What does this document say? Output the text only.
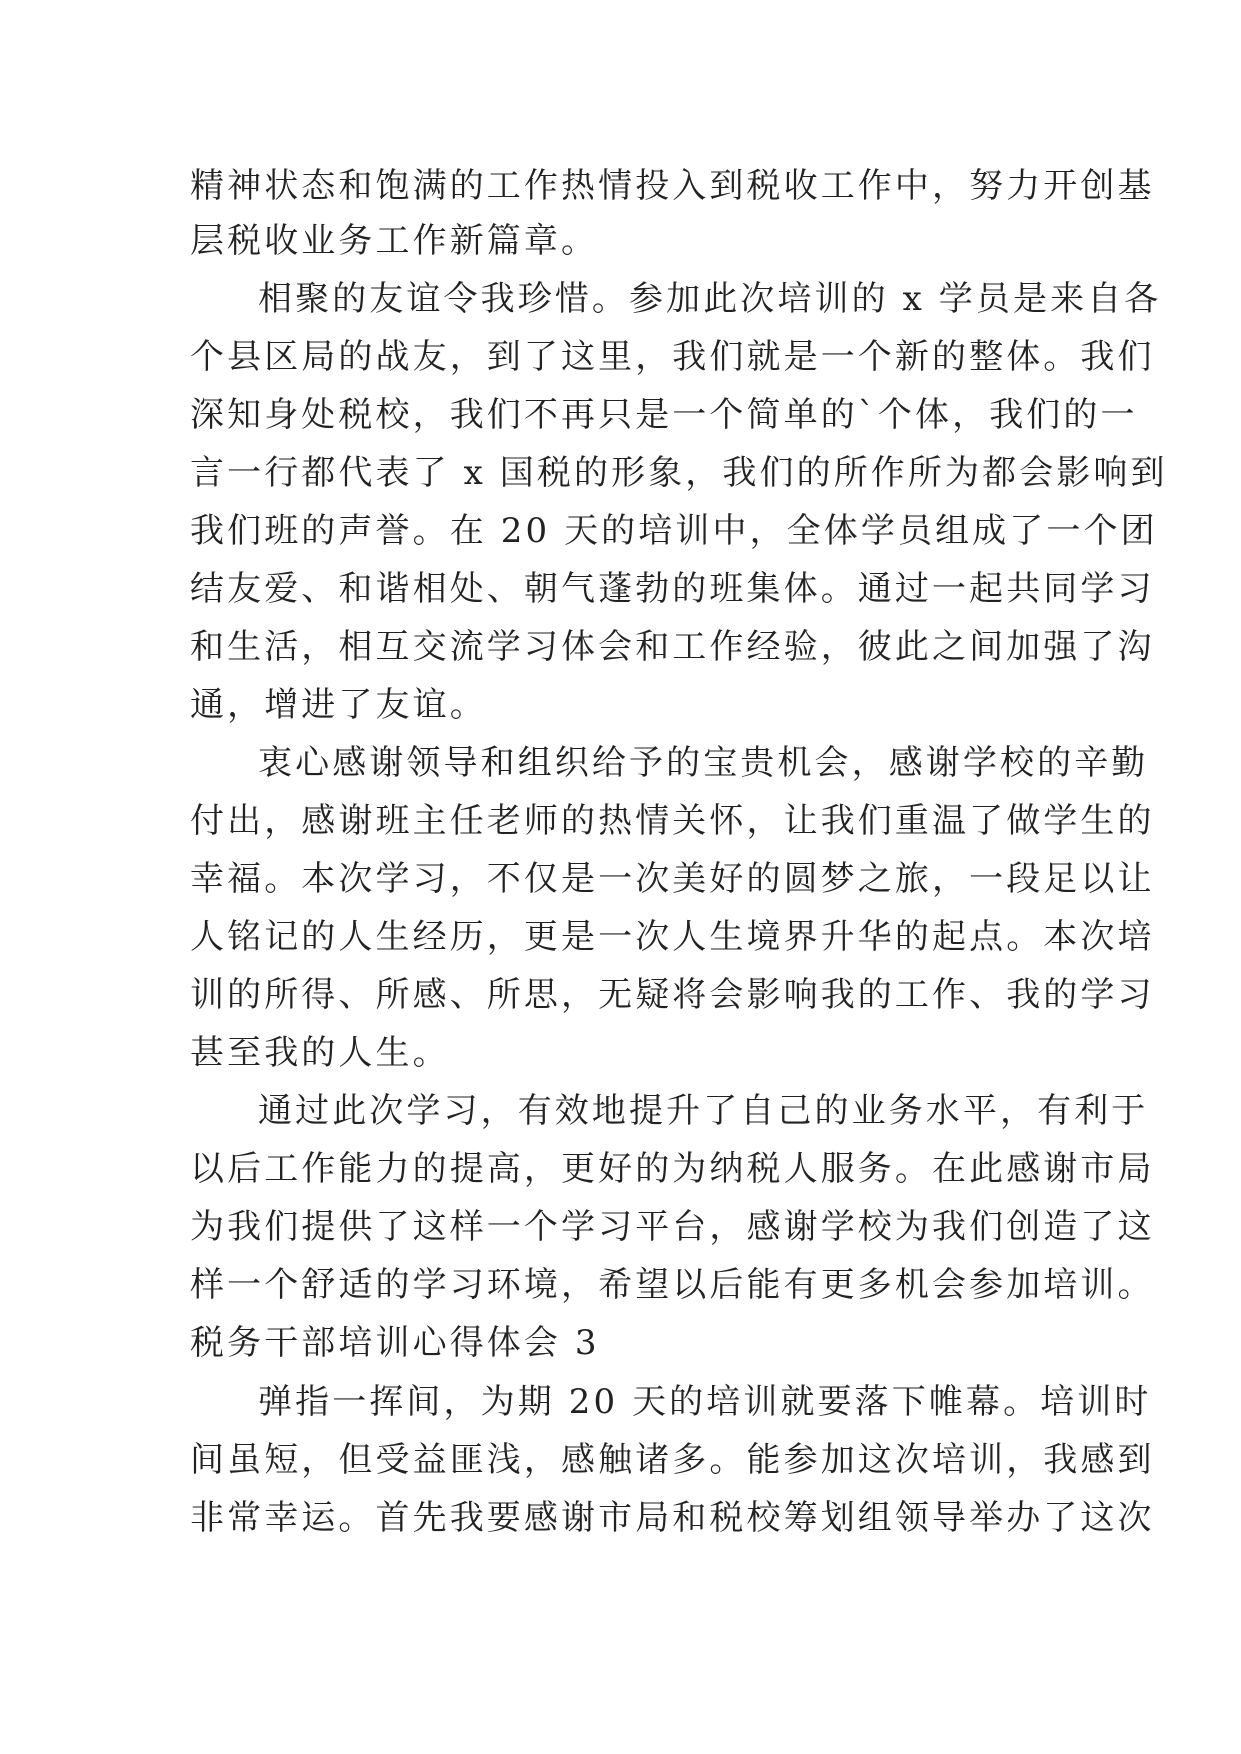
精神状态和饱满的工作热情投入到税收工作中，努力开创基

层税收业务工作新篇章。

相聚的友谊令我珍惜。参加此次培训的 x 学员是来自各

个县区局的战友，到了这里，我们就是一个新的整体。我们

深知身处税校，我们不再只是一个简单的`个体，我们的一

言一行都代表了 x 国税的形象，我们的所作所为都会影响到

我们班的声誉。在 20 天的培训中，全体学员组成了一个团

结友爱、和谐相处、朝气蓬勃的班集体。通过一起共同学习

和生活，相互交流学习体会和工作经验，彼此之间加强了沟

通，增进了友谊。

衷心感谢领导和组织给予的宝贵机会，感谢学校的辛勤

付出，感谢班主任老师的热情关怀，让我们重温了做学生的

幸福。本次学习，不仅是一次美好的圆梦之旅，一段足以让

人铭记的人生经历，更是一次人生境界升华的起点。本次培

训的所得、所感、所思，无疑将会影响我的工作、我的学习

甚至我的人生。

通过此次学习，有效地提升了自己的业务水平，有利于

以后工作能力的提高，更好的为纳税人服务。在此感谢市局

为我们提供了这样一个学习平台，感谢学校为我们创造了这

样一个舒适的学习环境，希望以后能有更多机会参加培训。

税务干部培训心得体会 3

弹指一挥间，为期 20 天的培训就要落下帷幕。培训时

间虽短，但受益匪浅，感触诸多。能参加这次培训，我感到

非常幸运。首先我要感谢市局和税校筹划组领导举办了这次
